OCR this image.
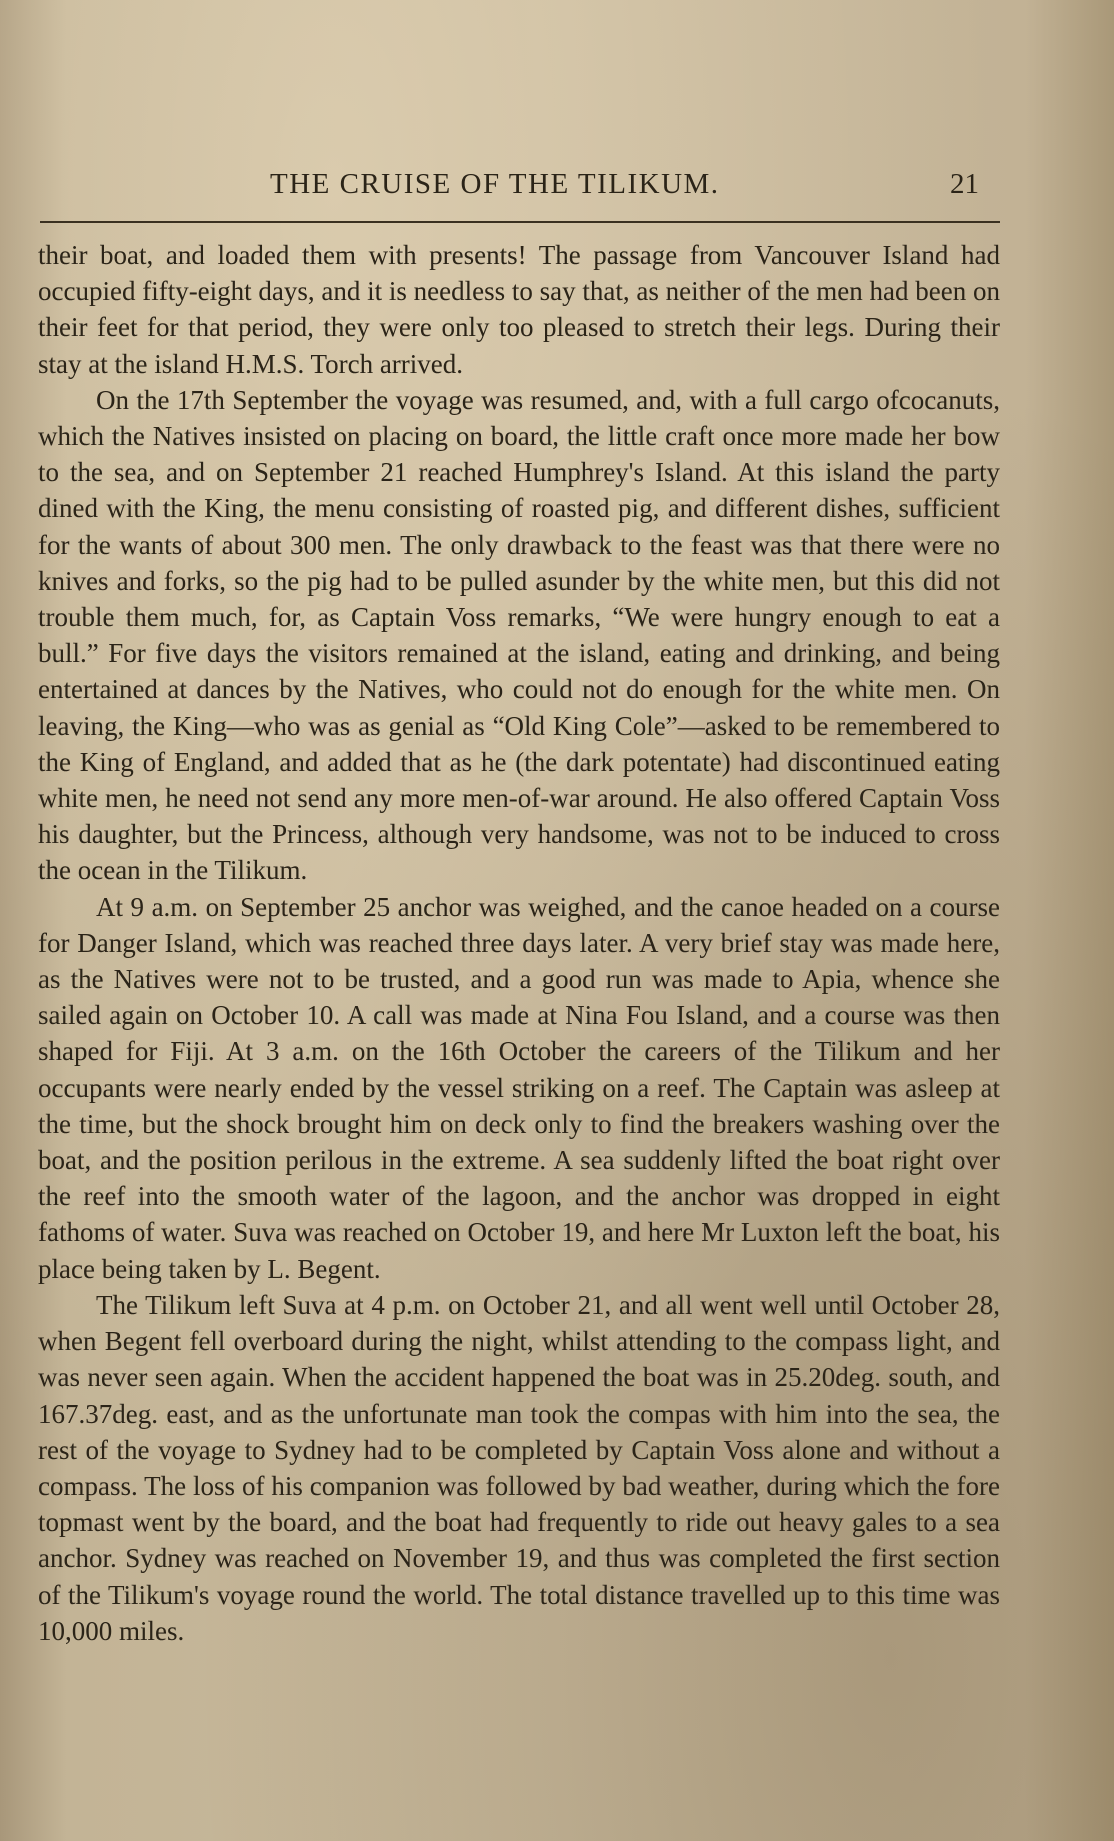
THE CRUISE OF THE TILIKUM.	21

their boat, and loaded them with presents! The passage from Vancouver Island had occupied fifty-eight days, and it is needless to say that, as neither of the men had been on their feet for that period, they were only too pleased to stretch their legs. During their stay at the island H.M.S. Torch arrived.

On the 17th September the voyage was resumed, and, with a full cargo ofcocanuts, which the Natives insisted on placing on board, the little craft once more made her bow to the sea, and on September 21 reached Humphrey's Island. At this island the party dined with the King, the menu consisting of roasted pig, and different dishes, sufficient for the wants of about 300 men. The only drawback to the feast was that there were no knives and forks, so the pig had to be pulled asunder by the white men, but this did not trouble them much, for, as Captain Voss remarks, “We were hungry enough to eat a bull.” For five days the visitors remained at the island, eating and drinking, and being entertained at dances by the Natives, who could not do enough for the white men. On leaving, the King—who was as genial as “Old King Cole”—asked to be remembered to the King of England, and added that as he (the dark potentate) had discontinued eating white men, he need not send any more men-of-war around. He also offered Captain Voss his daughter, but the Princess, although very handsome, was not to be induced to cross the ocean in the Tilikum.

At 9 a.m. on September 25 anchor was weighed, and the canoe headed on a course for Danger Island, which was reached three days later. A very brief stay was made here, as the Natives were not to be trusted, and a good run was made to Apia, whence she sailed again on October 10. A call was made at Nina Fou Island, and a course was then shaped for Fiji. At 3 a.m. on the 16th October the careers of the Tilikum and her occupants were nearly ended by the vessel striking on a reef. The Captain was asleep at the time, but the shock brought him on deck only to find the breakers washing over the boat, and the position perilous in the extreme. A sea suddenly lifted the boat right over the reef into the smooth water of the lagoon, and the anchor was dropped in eight fathoms of water. Suva was reached on October 19, and here Mr Luxton left the boat, his place being taken by L. Begent.

The Tilikum left Suva at 4 p.m. on October 21, and all went well until October 28, when Begent fell overboard during the night, whilst attending to the compass light, and was never seen again. When the accident happened the boat was in 25.20deg. south, and 167.37deg. east, and as the unfortunate man took the compas with him into the sea, the rest of the voyage to Sydney had to be completed by Captain Voss alone and without a compass. The loss of his companion was followed by bad weather, during which the fore topmast went by the board, and the boat had frequently to ride out heavy gales to a sea anchor. Sydney was reached on November 19, and thus was completed the first section of the Tilikum's voyage round the world. The total distance travelled up to this time was 10,000 miles.
